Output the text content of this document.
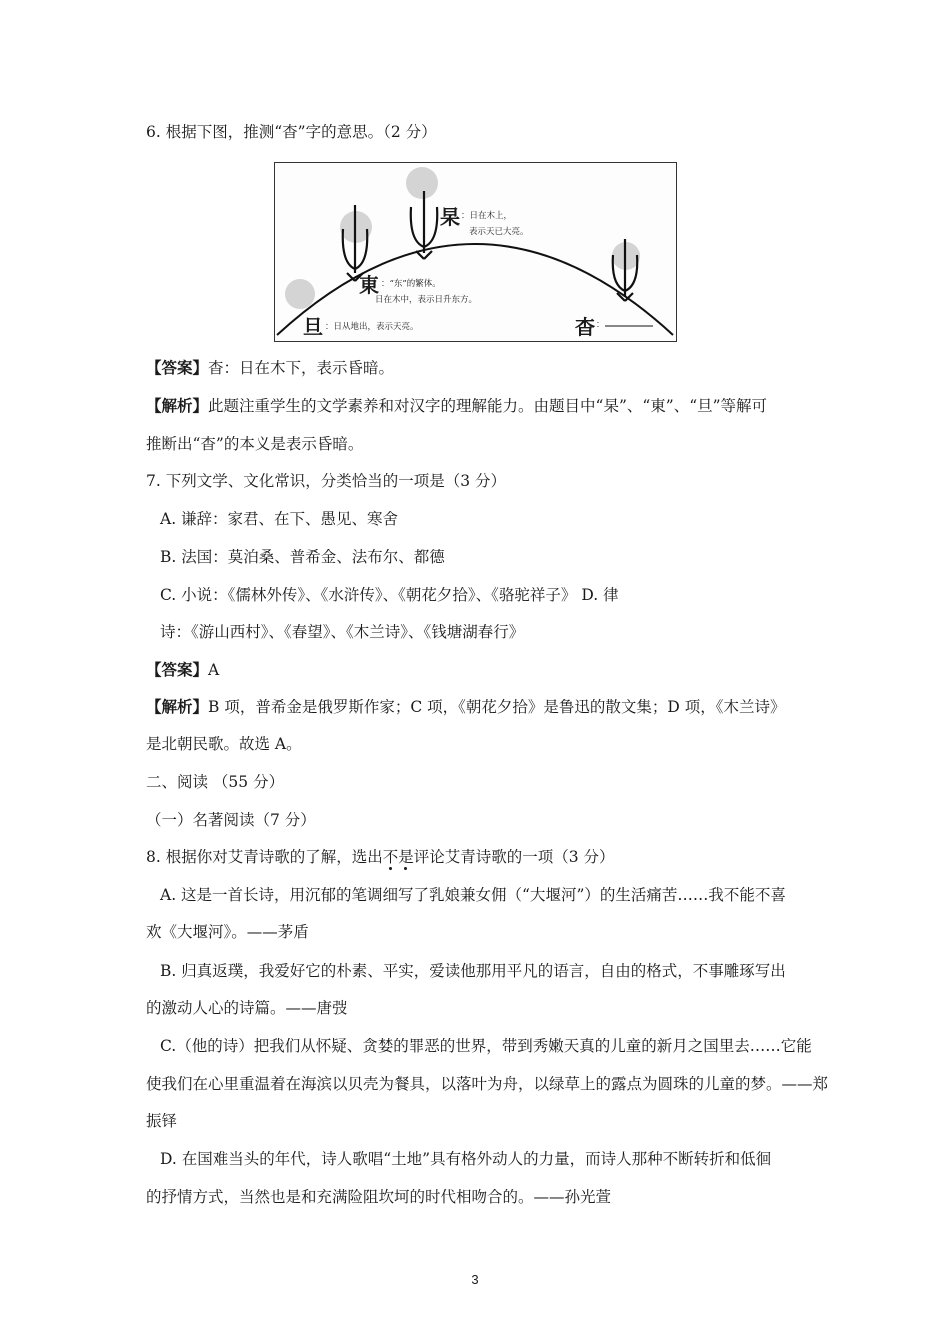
6. 根据下图，推测“杳”字的意思。（2 分）
杲 ：日在木上，
表示天已大亮。
東 ：“东”的繁体。
日在木中，表示日升东方。
旦 ：日从地出，表示天亮。	杳 ：
【答案】杳：日在木下，表示昏暗。
【解析】此题注重学生的文学素养和对汉字的理解能力。由题目中“杲”、“東”、“旦”等解可
推断出“杳”的本义是表示昏暗。
7. 下列文学、文化常识，分类恰当的一项是（3 分）
A. 谦辞：家君、在下、愚见、寒舍
B. 法国：莫泊桑、普希金、法布尔、都德
C. 小说：《儒林外传》、《水浒传》、《朝花夕拾》、《骆驼祥子》 D. 律
诗：《游山西村》、《春望》、《木兰诗》、《钱塘湖春行》
【答案】A
【解析】B 项，普希金是俄罗斯作家；C 项，《朝花夕拾》是鲁迅的散文集；D 项，《木兰诗》
是北朝民歌。故选 A。
二、阅读 （55 分）
（一）名著阅读（7 分）
8. 根据你对艾青诗歌的了解，选出不是评论艾青诗歌的一项（3 分）
A. 这是一首长诗，用沉郁的笔调细写了乳娘兼女佣（“大堰河”）的生活痛苦……我不能不喜
欢《大堰河》。——茅盾
B. 归真返璞，我爱好它的朴素、平实，爱读他那用平凡的语言，自由的格式，不事雕琢写出
的激动人心的诗篇。——唐弢
C.（他的诗）把我们从怀疑、贪婪的罪恶的世界，带到秀嫩天真的儿童的新月之国里去……它能
使我们在心里重温着在海滨以贝壳为餐具，以落叶为舟，以绿草上的露点为圆珠的儿童的梦。——郑
振铎
D. 在国难当头的年代，诗人歌唱“土地”具有格外动人的力量，而诗人那种不断转折和低徊
的抒情方式，当然也是和充满险阻坎坷的时代相吻合的。——孙光萱
3
